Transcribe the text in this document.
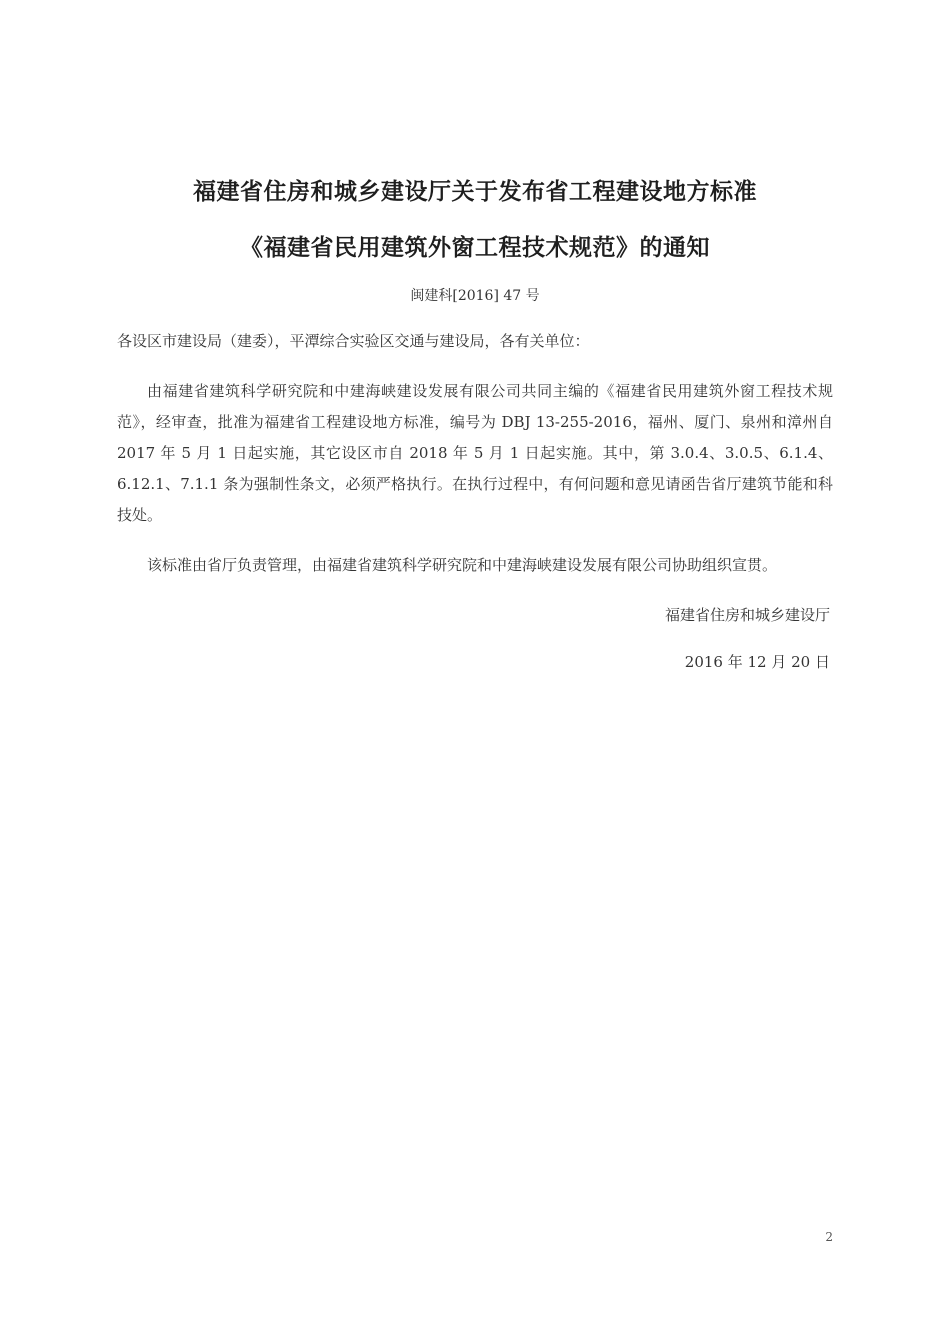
福建省住房和城乡建设厅关于发布省工程建设地方标准
《福建省民用建筑外窗工程技术规范》的通知
闽建科[2016] 47 号
各设区市建设局（建委），平潭综合实验区交通与建设局，各有关单位：
由福建省建筑科学研究院和中建海峡建设发展有限公司共同主编的《福建省民用建筑外窗工程技术规范》，经审查，批准为福建省工程建设地方标准，编号为 DBJ 13-255-2016，福州、厦门、泉州和漳州自 2017 年 5 月 1 日起实施，其它设区市自 2018 年 5 月 1 日起实施。其中，第 3.0.4、3.0.5、6.1.4、6.12.1、7.1.1 条为强制性条文，必须严格执行。在执行过程中，有何问题和意见请函告省厅建筑节能和科技处。
该标准由省厅负责管理，由福建省建筑科学研究院和中建海峡建设发展有限公司协助组织宣贯。
福建省住房和城乡建设厅
2016 年 12 月 20 日
2
